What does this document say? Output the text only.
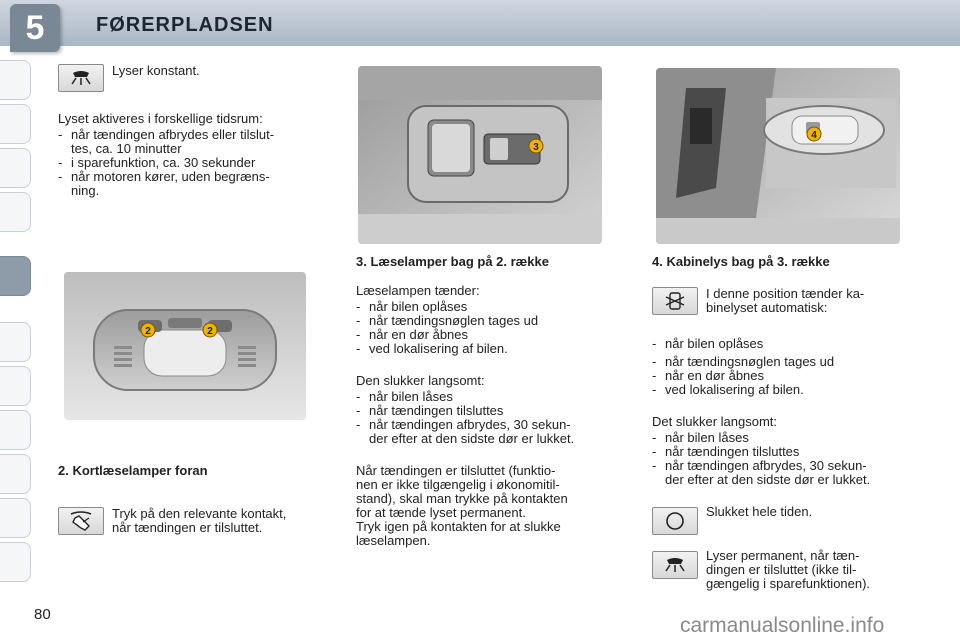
5	FØRERPLADSEN
Lyser konstant.
Lyset aktiveres i forskellige tidsrum:
- når tændingen afbrydes eller tilslut-
tes, ca. 10 minutter
- i sparefunktion, ca. 30 sekunder
- når motoren kører, uden begræns-
ning.
2	2
2. Kortlæselamper foran
Tryk på den relevante kontakt,
når tændingen er tilsluttet.
3
3. Læselamper bag på 2. række
Læselampen tænder:
- når bilen oplåses
- når tændingsnøglen tages ud
- når en dør åbnes
- ved lokalisering af bilen.
Den slukker langsomt:
- når bilen låses
- når tændingen tilsluttes
- når tændingen afbrydes, 30 sekun-
der efter at den sidste dør er lukket.
Når tændingen er tilsluttet (funktio-
nen er ikke tilgængelig i økonomitil-
stand), skal man trykke på kontakten
for at tænde lyset permanent.
Tryk igen på kontakten for at slukke
læselampen.
4
4. Kabinelys bag på 3. række
I denne position tænder ka-
binelyset automatisk:
- når bilen oplåses
- når tændingsnøglen tages ud
- når en dør åbnes
- ved lokalisering af bilen.
Det slukker langsomt:
- når bilen låses
- når tændingen tilsluttes
- når tændingen afbrydes, 30 sekun-
der efter at den sidste dør er lukket.
Slukket hele tiden.
Lyser permanent, når tæn-
dingen er tilsluttet (ikke til-
gængelig i sparefunktionen).
80	carmanualsonline.info
